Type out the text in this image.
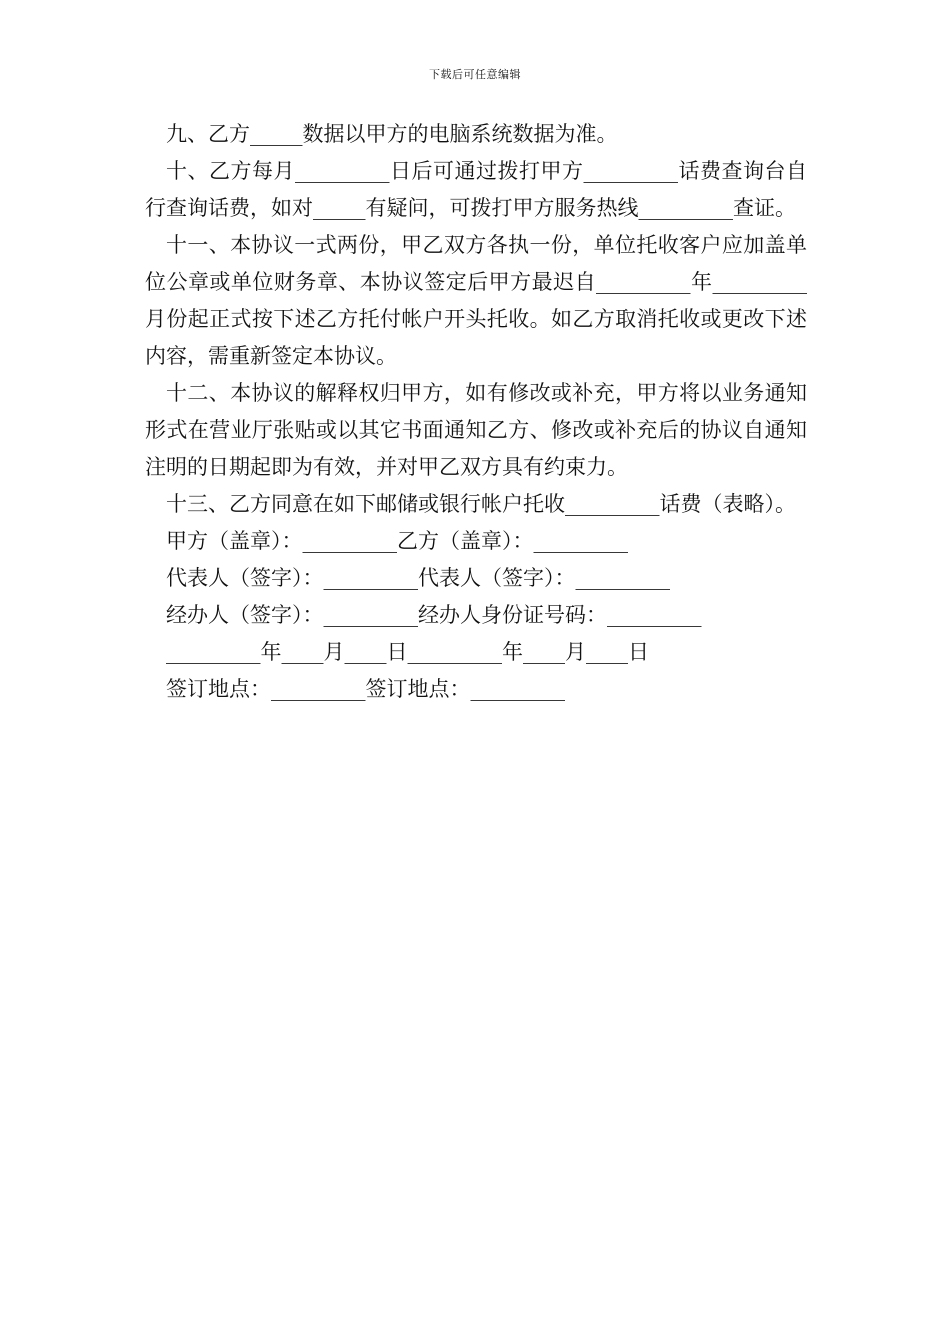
下载后可任意编辑

九、乙方_____数据以甲方的电脑系统数据为准。

十、乙方每月_________日后可通过拨打甲方_________话费查询台自行查询话费，如对_____有疑问，可拨打甲方服务热线_________查证。

十一、本协议一式两份，甲乙双方各执一份，单位托收客户应加盖单位公章或单位财务章、本协议签定后甲方最迟自_________年_________月份起正式按下述乙方托付帐户开头托收。如乙方取消托收或更改下述内容，需重新签定本协议。

十二、本协议的解释权归甲方，如有修改或补充，甲方将以业务通知形式在营业厅张贴或以其它书面通知乙方、修改或补充后的协议自通知注明的日期起即为有效，并对甲乙双方具有约束力。

十三、乙方同意在如下邮储或银行帐户托收_________话费（表略）。

甲方（盖章）：_________乙方（盖章）：_________

代表人（签字）：_________代表人（签字）：_________

经办人（签字）：_________经办人身份证号码：_________

_________年____月____日_________年____月____日

签订地点：_________签订地点：_________
